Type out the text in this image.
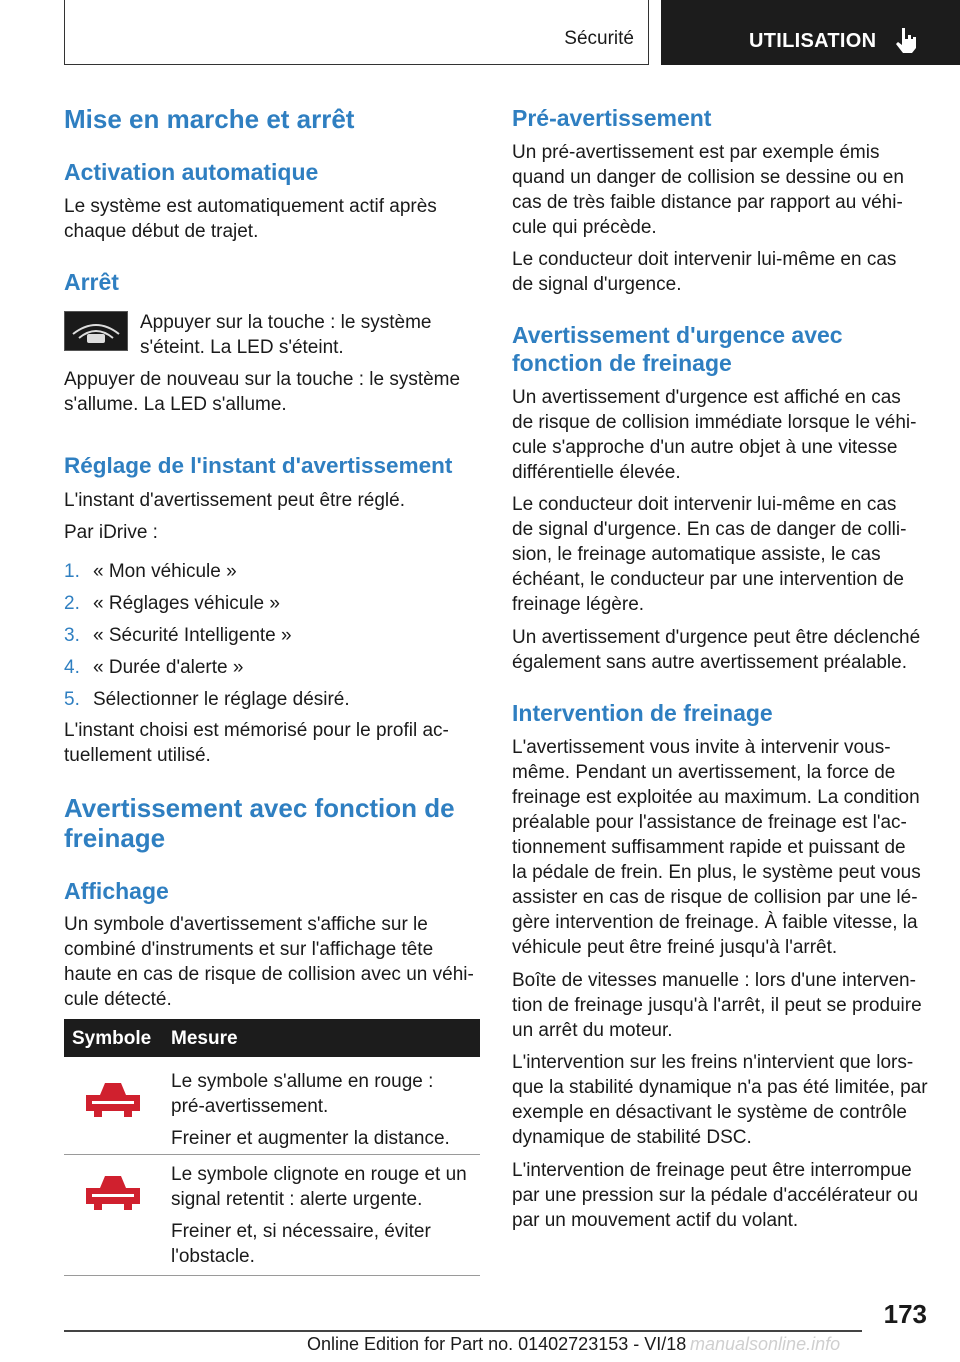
Sécurité	UTILISATION
Mise en marche et arrêt
Activation automatique
Le système est automatiquement actif après
chaque début de trajet.
Arrêt
Appuyer sur la touche : le système
s'éteint. La LED s'éteint.
Appuyer de nouveau sur la touche : le système
s'allume. La LED s'allume.
Réglage de l'instant d'avertissement
L'instant d'avertissement peut être réglé.
Par iDrive :
1. « Mon véhicule »
2. « Réglages véhicule »
3. « Sécurité Intelligente »
4. « Durée d'alerte »
5. Sélectionner le réglage désiré.
L'instant choisi est mémorisé pour le profil ac‐
tuellement utilisé.
Avertissement avec fonction de
freinage
Affichage
Un symbole d'avertissement s'affiche sur le
combiné d'instruments et sur l'affichage tête
haute en cas de risque de collision avec un véhi‐
cule détecté.
Symbole Mesure
Le symbole s'allume en rouge :
pré-avertissement.
Freiner et augmenter la distance.
Le symbole clignote en rouge et un
signal retentit : alerte urgente.
Freiner et, si nécessaire, éviter
l'obstacle.
Pré-avertissement
Un pré-avertissement est par exemple émis
quand un danger de collision se dessine ou en
cas de très faible distance par rapport au véhi‐
cule qui précède.
Le conducteur doit intervenir lui-même en cas
de signal d'urgence.
Avertissement d'urgence avec
fonction de freinage
Un avertissement d'urgence est affiché en cas
de risque de collision immédiate lorsque le véhi‐
cule s'approche d'un autre objet à une vitesse
différentielle élevée.
Le conducteur doit intervenir lui-même en cas
de signal d'urgence. En cas de danger de colli‐
sion, le freinage automatique assiste, le cas
échéant, le conducteur par une intervention de
freinage légère.
Un avertissement d'urgence peut être déclenché
également sans autre avertissement préalable.
Intervention de freinage
L'avertissement vous invite à intervenir vous-
même. Pendant un avertissement, la force de
freinage est exploitée au maximum. La condition
préalable pour l'assistance de freinage est l'ac‐
tionnement suffisamment rapide et puissant de
la pédale de frein. En plus, le système peut vous
assister en cas de risque de collision par une lé‐
gère intervention de freinage. À faible vitesse, la
véhicule peut être freiné jusqu'à l'arrêt.
Boîte de vitesses manuelle : lors d'une interven‐
tion de freinage jusqu'à l'arrêt, il peut se produire
un arrêt du moteur.
L'intervention sur les freins n'intervient que lors‐
que la stabilité dynamique n'a pas été limitée, par
exemple en désactivant le système de contrôle
dynamique de stabilité DSC.
L'intervention de freinage peut être interrompue
par une pression sur la pédale d'accélérateur ou
par un mouvement actif du volant.
173
Online Edition for Part no. 01402723153 - VI/18 manualsonline.info
